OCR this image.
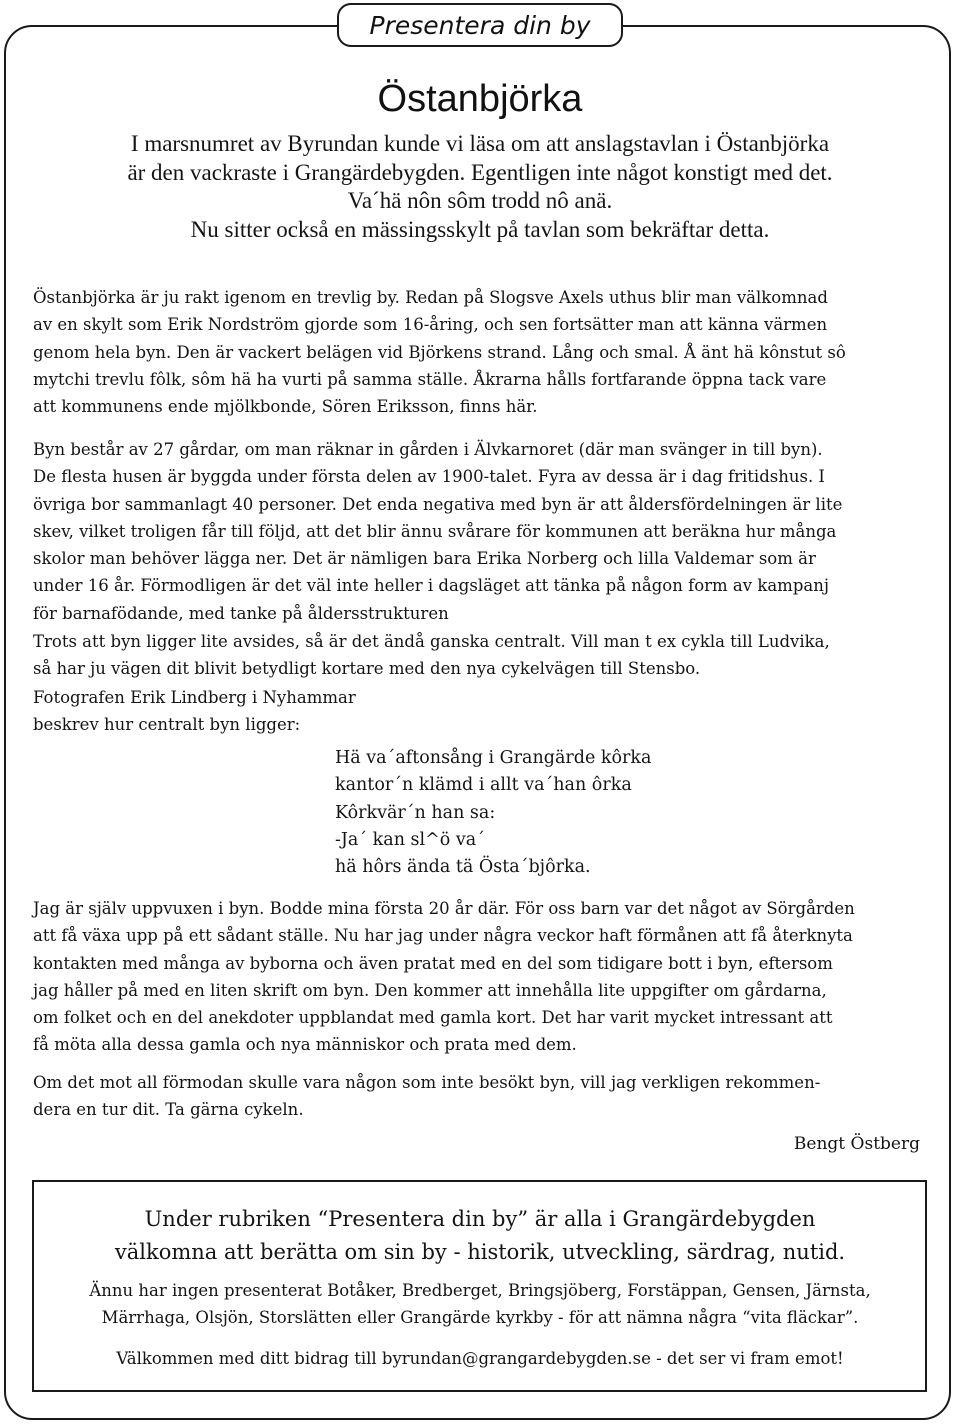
Presentera din by
Östanbjörka
I marsnumret av Byrundan kunde vi läsa om att anslagstavlan i Östanbjörka
är den vackraste i Grangärdebygden. Egentligen inte något konstigt med det.
Va´hä nôn sôm trodd nô anä.
Nu sitter också en mässingsskylt på tavlan som bekräftar detta.
Östanbjörka är ju rakt igenom en trevlig by. Redan på Slogsve Axels uthus blir man välkomnad
av en skylt som Erik Nordström gjorde som 16-åring, och sen fortsätter man att känna värmen
genom hela byn. Den är vackert belägen vid Björkens strand. Lång och smal. Å änt hä kônstut sô
mytchi trevlu fôlk, sôm hä ha vurti på samma ställe. Åkrarna hålls fortfarande öppna tack vare
att kommunens ende mjölkbonde, Sören Eriksson, finns här.
Byn består av 27 gårdar, om man räknar in gården i Älvkarnoret (där man svänger in till byn).
De flesta husen är byggda under första delen av 1900-talet. Fyra av dessa är i dag fritidshus. I
övriga bor sammanlagt 40 personer. Det enda negativa med byn är att åldersfördelningen är lite
skev, vilket troligen får till följd, att det blir ännu svårare för kommunen att beräkna hur många
skolor man behöver lägga ner. Det är nämligen bara Erika Norberg och lilla Valdemar som är
under 16 år. Förmodligen är det väl inte heller i dagsläget att tänka på någon form av kampanj
för barnafödande, med tanke på åldersstrukturen
Trots att byn ligger lite avsides, så är det ändå ganska centralt. Vill man t ex cykla till Ludvika,
så har ju vägen dit blivit betydligt kortare med den nya cykelvägen till Stensbo.
Fotografen Erik Lindberg i Nyhammar
beskrev hur centralt byn ligger:
Hä va´aftonsång i Grangärde kôrka
kantor´n klämd i allt va´han ôrka
Kôrkvär´n han sa:
-Ja´ kan sl^ö va´
hä hôrs ända tä Östa´bjôrka.
Jag är själv uppvuxen i byn. Bodde mina första 20 år där. För oss barn var det något av Sörgården
att få växa upp på ett sådant ställe. Nu har jag under några veckor haft förmånen att få återknyta
kontakten med många av byborna och även pratat med en del som tidigare bott i byn, eftersom
jag håller på med en liten skrift om byn. Den kommer att innehålla lite uppgifter om gårdarna,
om folket och en del anekdoter uppblandat med gamla kort. Det har varit mycket intressant att
få möta alla dessa gamla och nya människor och prata med dem.
Om det mot all förmodan skulle vara någon som inte besökt byn, vill jag verkligen rekommen-
dera en tur dit. Ta gärna cykeln.
Bengt Östberg
Under rubriken “Presentera din by” är alla i Grangärdebygden
välkomna att berätta om sin by - historik, utveckling, särdrag, nutid.
Ännu har ingen presenterat Botåker, Bredberget, Bringsjöberg, Forstäppan, Gensen, Järnsta,
Märrhaga, Olsjön, Storslätten eller Grangärde kyrkby - för att nämna några “vita fläckar”.
Välkommen med ditt bidrag till byrundan@grangardebygden.se - det ser vi fram emot!
